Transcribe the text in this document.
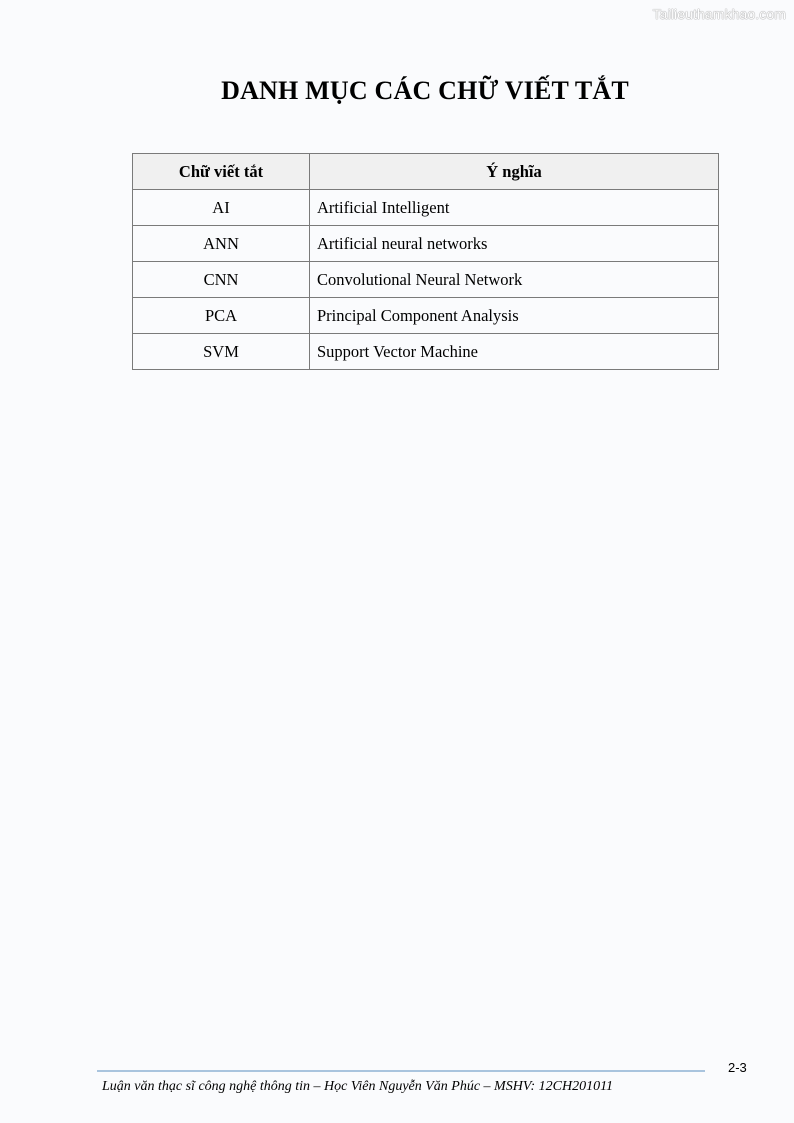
Tailieuthamkhao.com
DANH MỤC CÁC CHỮ VIẾT TẮT
Chữ viết tắt	Ý nghĩa
AI	Artificial Intelligent
ANN	Artificial neural networks
CNN	Convolutional Neural Network
PCA	Principal Component Analysis
SVM	Support Vector Machine
2-3
Luận văn thạc sĩ công nghệ thông tin – Học Viên Nguyễn Văn Phúc – MSHV: 12CH201011
